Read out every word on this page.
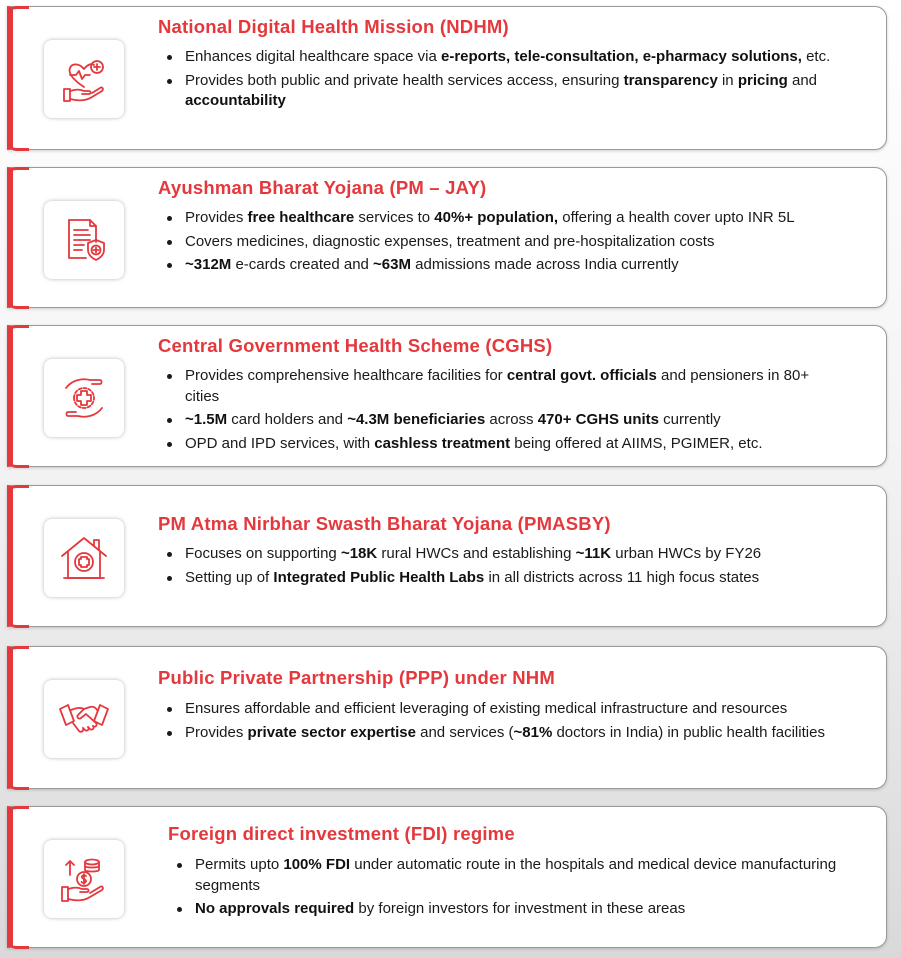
National Digital Health Mission (NDHM)
Enhances digital healthcare space via e-reports, tele-consultation, e-pharmacy solutions, etc.
Provides both public and private health services access, ensuring transparency in pricing and accountability
Ayushman Bharat Yojana (PM – JAY)
Provides free healthcare services to 40%+ population, offering a health cover upto INR 5L
Covers medicines, diagnostic expenses, treatment and pre-hospitalization costs
~312M e-cards created and ~63M admissions made across India currently
Central Government Health Scheme (CGHS)
Provides comprehensive healthcare facilities for central govt. officials and pensioners in 80+ cities
~1.5M card holders and ~4.3M beneficiaries across 470+ CGHS units currently
OPD and IPD services, with cashless treatment being offered at AIIMS, PGIMER, etc.
PM Atma Nirbhar Swasth Bharat Yojana (PMASBY)
Focuses on supporting ~18K rural HWCs and establishing ~11K urban HWCs by FY26
Setting up of Integrated Public Health Labs in all districts across 11 high focus states
Public Private Partnership (PPP) under NHM
Ensures affordable and efficient leveraging of existing medical infrastructure and resources
Provides private sector expertise and services (~81% doctors in India) in public health facilities
Foreign direct investment (FDI) regime
Permits upto 100% FDI under automatic route in the hospitals and medical device manufacturing segments
No approvals required by foreign investors for investment in these areas
